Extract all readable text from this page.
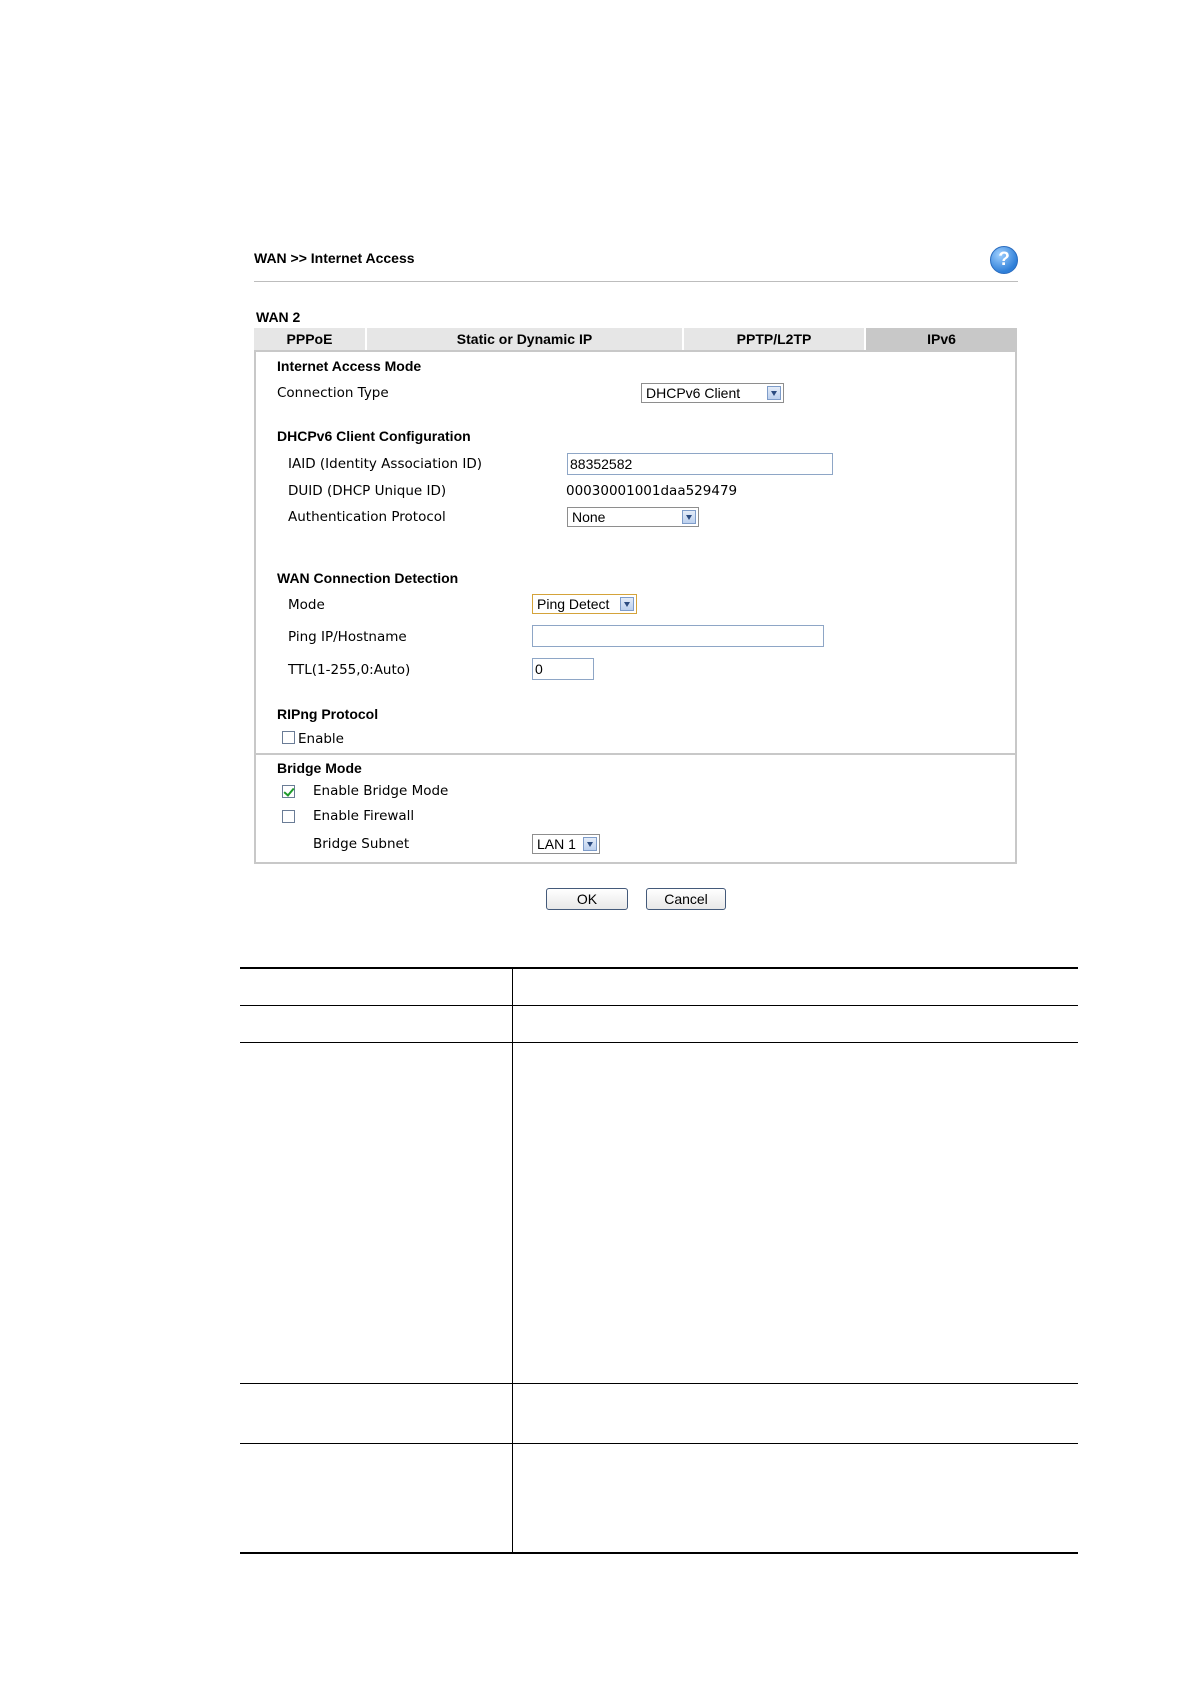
WAN >> Internet Access	?
WAN 2
PPPoE	Static or Dynamic IP	PPTP/L2TP	IPv6
Internet Access Mode
Connection Type	DHCPv6 Client
DHCPv6 Client Configuration
IAID (Identity Association ID)	88352582
DUID (DHCP Unique ID)	00030001001daa529479
Authentication Protocol	None
WAN Connection Detection
Mode	Ping Detect
Ping IP/Hostname
TTL(1-255,0:Auto)	0
RIPng Protocol
Enable
Bridge Mode
Enable Bridge Mode
Enable Firewall
Bridge Subnet	LAN 1
OK	Cancel
